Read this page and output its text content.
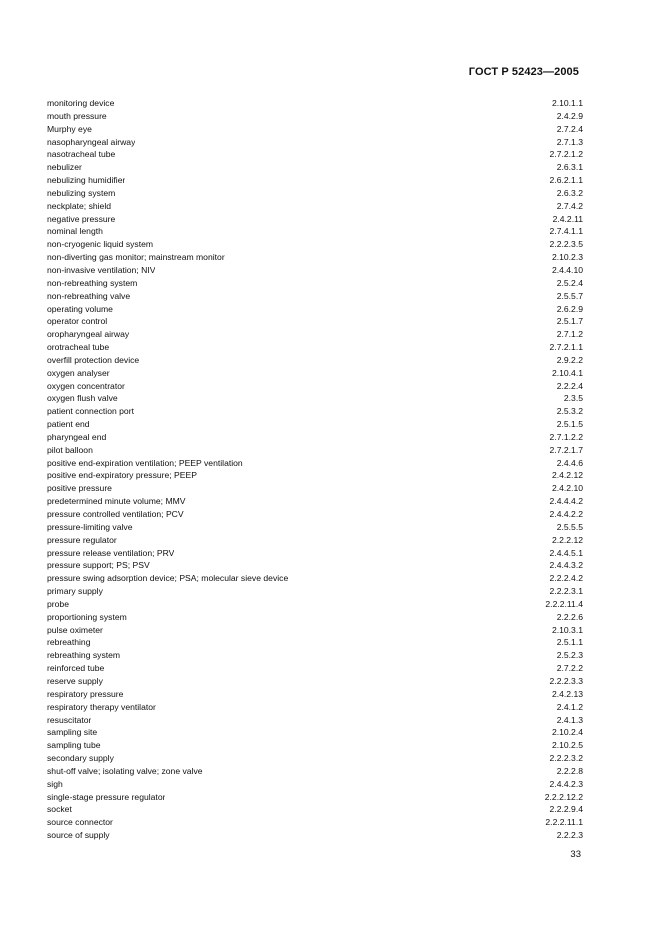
ГОСТ Р 52423—2005
monitoring device	2.10.1.1
mouth pressure	2.4.2.9
Murphy eye	2.7.2.4
nasopharyngeal airway	2.7.1.3
nasotracheal tube	2.7.2.1.2
nebulizer	2.6.3.1
nebulizing humidifier	2.6.2.1.1
nebulizing system	2.6.3.2
neckplate; shield	2.7.4.2
negative pressure	2.4.2.11
nominal length	2.7.4.1.1
non-cryogenic liquid system	2.2.2.3.5
non-diverting gas monitor; mainstream monitor	2.10.2.3
non-invasive ventilation; NIV	2.4.4.10
non-rebreathing system	2.5.2.4
non-rebreathing valve	2.5.5.7
operating volume	2.6.2.9
operator control	2.5.1.7
oropharyngeal airway	2.7.1.2
orotracheal tube	2.7.2.1.1
overfill protection device	2.9.2.2
oxygen analyser	2.10.4.1
oxygen concentrator	2.2.2.4
oxygen flush valve	2.3.5
patient connection port	2.5.3.2
patient end	2.5.1.5
pharyngeal end	2.7.1.2.2
pilot balloon	2.7.2.1.7
positive end-expiration ventilation; PEEP ventilation	2.4.4.6
positive end-expiratory pressure; PEEP	2.4.2.12
positive pressure	2.4.2.10
predetermined minute volume; MMV	2.4.4.4.2
pressure controlled ventilation; PCV	2.4.4.2.2
pressure-limiting valve	2.5.5.5
pressure regulator	2.2.2.12
pressure release ventilation; PRV	2.4.4.5.1
pressure support; PS; PSV	2.4.4.3.2
pressure swing adsorption device; PSA; molecular sieve device	2.2.2.4.2
primary supply	2.2.2.3.1
probe	2.2.2.11.4
proportioning system	2.2.2.6
pulse oximeter	2.10.3.1
rebreathing	2.5.1.1
rebreathing system	2.5.2.3
reinforced tube	2.7.2.2
reserve supply	2.2.2.3.3
respiratory pressure	2.4.2.13
respiratory therapy ventilator	2.4.1.2
resuscitator	2.4.1.3
sampling site	2.10.2.4
sampling tube	2.10.2.5
secondary supply	2.2.2.3.2
shut-off valve; isolating valve; zone valve	2.2.2.8
sigh	2.4.4.2.3
single-stage pressure regulator	2.2.2.12.2
socket	2.2.2.9.4
source connector	2.2.2.11.1
source of supply	2.2.2.3
33
